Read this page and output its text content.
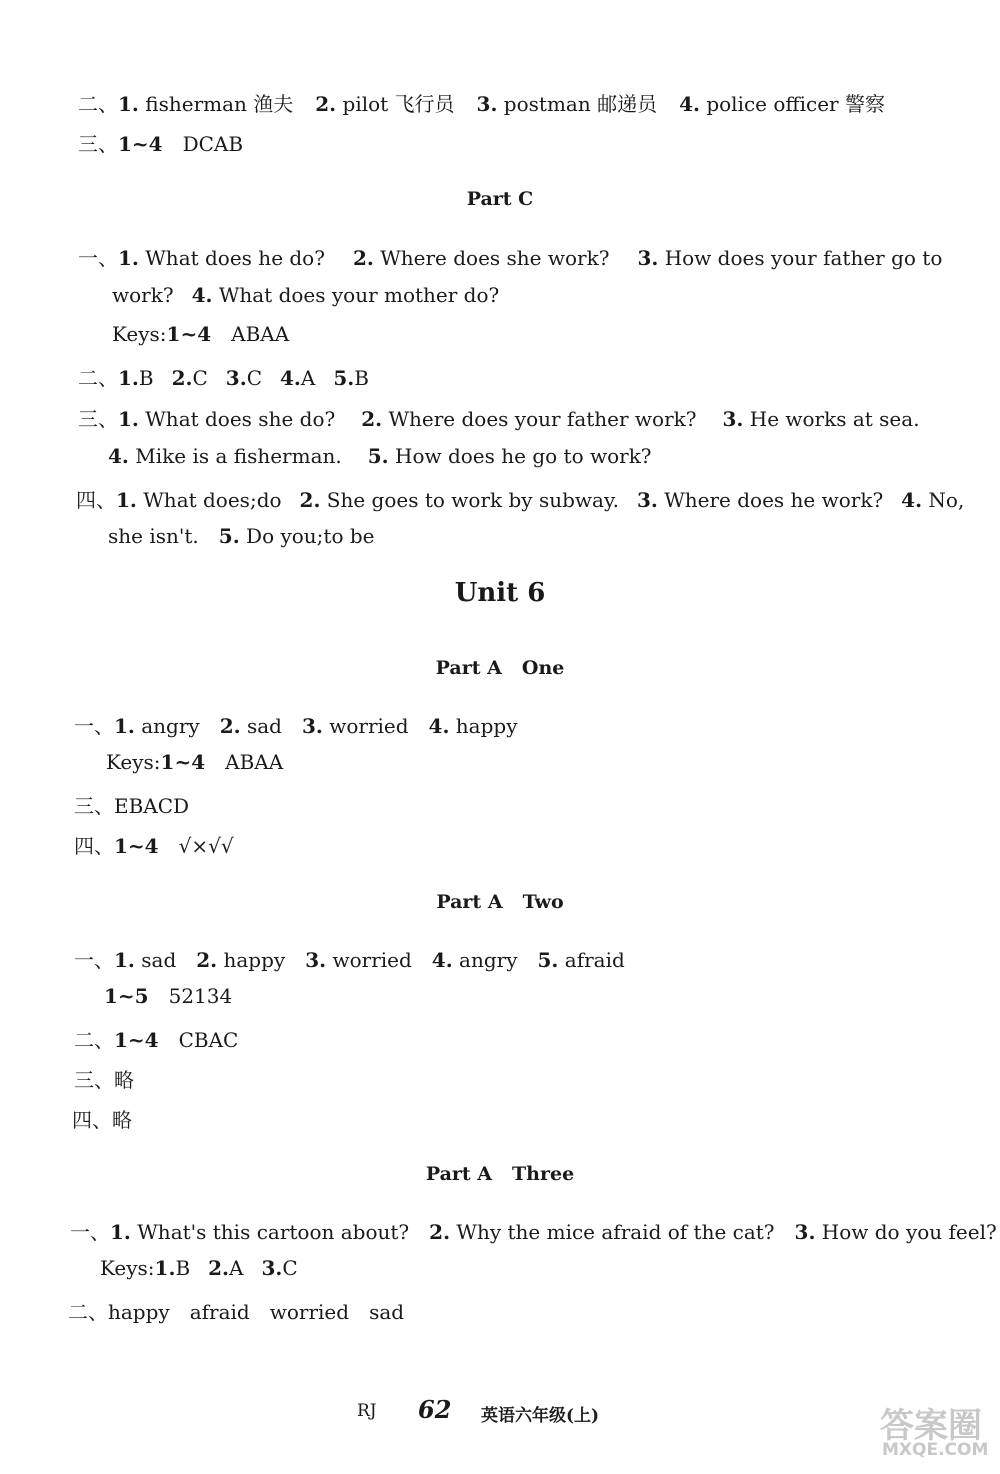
二、1. fisherman 渔夫 2. pilot 飞行员 3. postman 邮递员 4. police officer 警察
三、1~4 DCAB
Part C
一、1. What does he do? 2. Where does she work? 3. How does your father go to
work? 4. What does your mother do?
Keys:1~4 ABAA
二、1.B 2.C 3.C 4.A 5.B
三、1. What does she do? 2. Where does your father work? 3. He works at sea.
4. Mike is a fisherman. 5. How does he go to work?
四、1. What does;do 2. She goes to work by subway. 3. Where does he work? 4. No,
she isn't. 5. Do you;to be
Unit 6
Part A One
一、1. angry 2. sad 3. worried 4. happy
Keys:1~4 ABAA
三、EBACD
四、1~4 √×√√
Part A Two
一、1. sad 2. happy 3. worried 4. angry 5. afraid
1~5 52134
二、1~4 CBAC
三、略
四、略
Part A Three
一、1. What's this cartoon about? 2. Why the mice afraid of the cat? 3. How do you feel?
Keys:1.B 2.A 3.C
二、happy afraid worried sad
RJ 62 英语六年级(上)	答案圈
MXQE.COM
